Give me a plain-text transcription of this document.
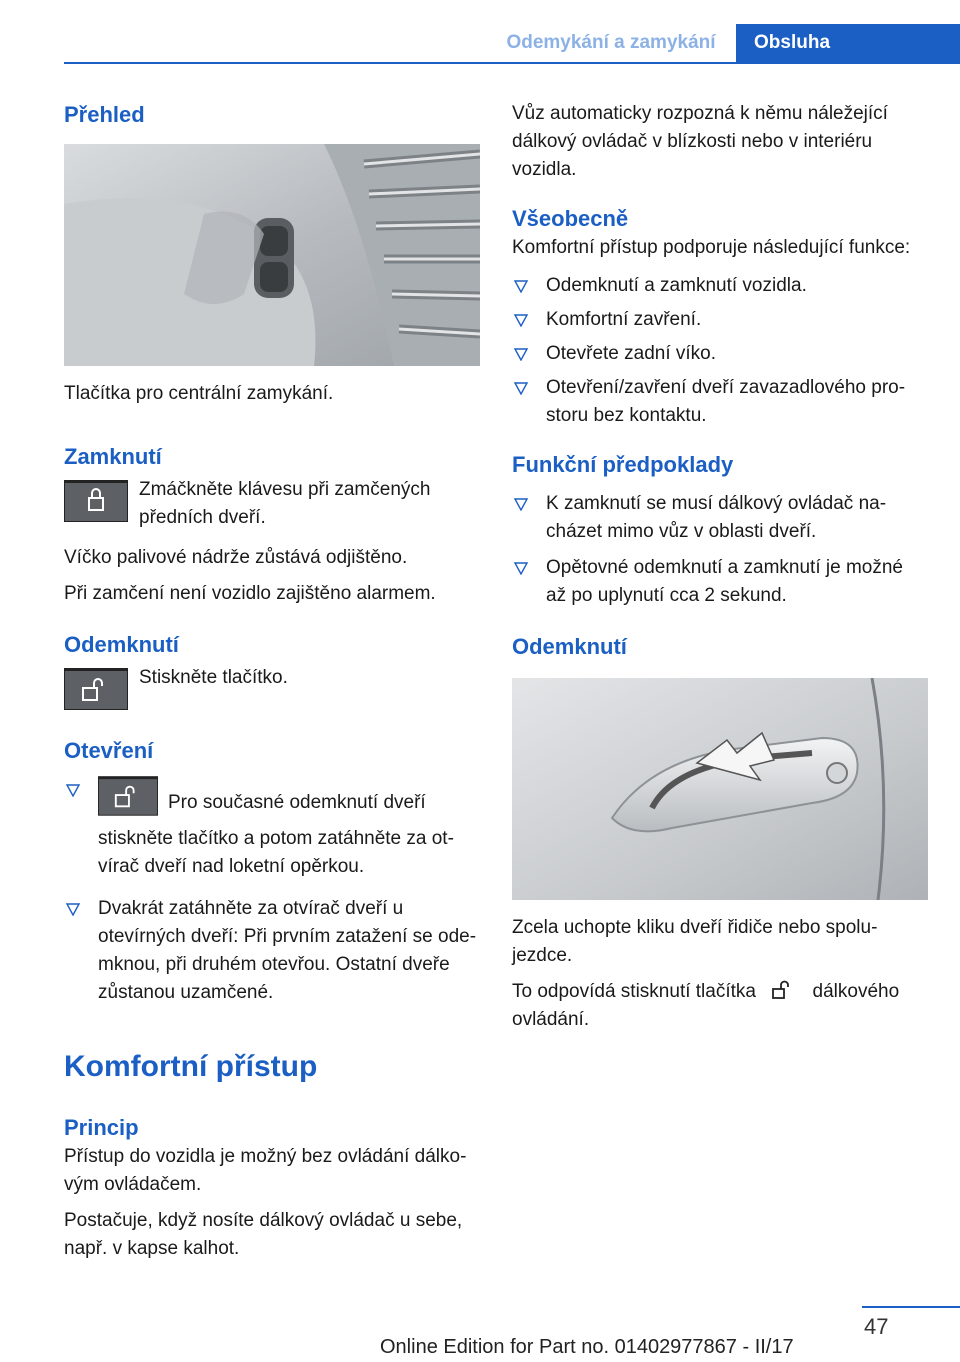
Odemykání a zamykání	Obsluha
Přehled

Tlačítka pro centrální zamykání.

Zamknutí

Zmáčkněte klávesu při zamčených předních dveří.

Víčko palivové nádrže zůstává odjištěno.

Při zamčení není vozidlo zajištěno alarmem.

Odemknutí

Stiskněte tlačítko.

Otevření
Pro současné odemknutí dveří stiskněte tlačítko a potom zatáhněte za otvírač dveří nad loketní opěrkou.
Dvakrát zatáhněte za otvírač dveří u otevírných dveří: Při prvním zatažení se odemknou, při druhém otevřou. Ostatní dveře zůstanou uzamčené.
Komfortní přístup
Princip

Přístup do vozidla je možný bez ovládání dálkovým ovládačem.

Postačuje, když nosíte dálkový ovládač u sebe, např. v kapse kalhot.

Vůz automaticky rozpozná k němu náležející dálkový ovládač v blízkosti nebo v interiéru vozidla.

Všeobecně

Komfortní přístup podporuje následující funkce:

Odemknutí a zamknutí vozidla.
Komfortní zavření.
Otevřete zadní víko.
Otevření/zavření dveří zavazadlového prostoru bez kontaktu.
Funkční předpoklady
K zamknutí se musí dálkový ovládač nacházet mimo vůz v oblasti dveří.
Opětovné odemknutí a zamknutí je možné až po uplynutí cca 2 sekund.
Odemknutí

Zcela uchopte kliku dveří řidiče nebo spolujezdce.

To odpovídá stisknutí tlačítka	dálkového ovládání.

47
Online Edition for Part no. 01402977867 - II/17
